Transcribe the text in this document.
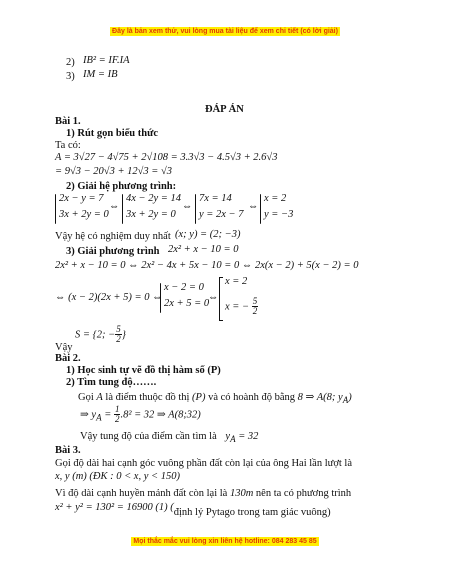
Đây là bản xem thử, vui lòng mua tài liệu để xem chi tiết (có lời giải)
2) IB² = IF.IA
3) IM = IB
ĐÁP ÁN
Bài 1.
1) Rút gọn biểu thức
Ta có:
A = 3√27 − 4√75 + 2√108 = 3.3√3 − 4.5√3 + 2.6√3
= 9√3 − 20√3 + 12√3 = √3
2) Giải hệ phương trình:
2x − y = 7
3x + 2y = 0
⇔
4x − 2y = 14
3x + 2y = 0
⇔
7x = 14
y = 2x − 7
⇔
x = 2
y = −3
Vậy hệ có nghiệm duy nhất (x; y) = (2; −3)
3) Giải phương trình 2x² + x − 10 = 0
2x² + x − 10 = 0 ⇔ 2x² − 4x + 5x − 10 = 0 ⇔ 2x(x − 2) + 5(x − 2) = 0
⇔ (x − 2)(2x + 5) = 0 ⇔
x − 2 = 0
2x + 5 = 0
⇔
x = 2
x = − $\frac{5}{2}$
S = {2; − $\frac{5}{2}$ }
Vậy
Bài 2.
1) Học sinh tự vẽ đồ thị hàm số (P)
2) Tìm tung độ…….
Gọi A là điểm thuộc đồ thị (P) và có hoành độ bằng 8 ⇒ A(8; $y_A$)
⇒ $y_A = \frac{1}{2} .8^2 = 32$ ⇒ A(8;32)
Vậy tung độ của điểm cần tìm là $y_A = 32$
Bài 3.
Gọi độ dài hai cạnh góc vuông phần đất còn lại của ông Hai lần lượt là
x, y (m) (ĐK : 0 < x, y < 150)
Vì độ dài cạnh huyền mảnh đất còn lại là 130m nên ta có phương trình
x² + y² = 130² = 16900 (1) (định lý Pytago trong tam giác vuông)
Mọi thắc mắc vui lòng xin liên hệ hotline: 084 283 45 85
